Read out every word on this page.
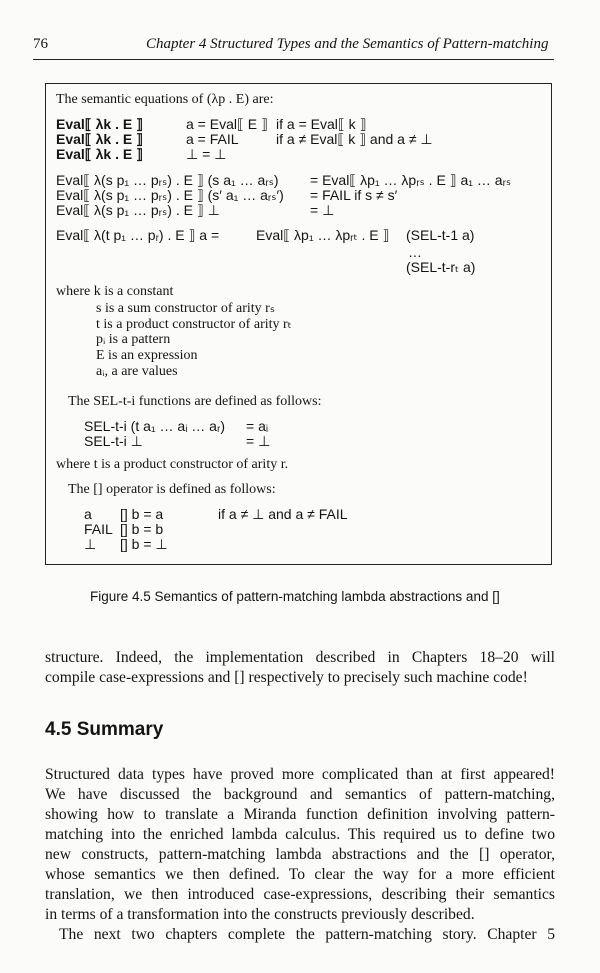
76	Chapter 4 Structured Types and the Semantics of Pattern-matching
The semantic equations of (λp . E) are:
Eval⟦ λk . E ⟧	a = Eval⟦ E ⟧ if a = Eval⟦ k ⟧
Eval⟦ λk . E ⟧	a = FAIL	if a ≠ Eval⟦ k ⟧ and a ≠ ⊥
Eval⟦ λk . E ⟧	⊥ = ⊥
Eval⟦ λ(s p₁ … pᵣₛ) . E ⟧ (s a₁ … aᵣₛ) = Eval⟦ λp₁ … λpᵣₛ . E ⟧ a₁ … aᵣₛ
Eval⟦ λ(s p₁ … pᵣₛ) . E ⟧ (s′ a₁ … aᵣₛ′) = FAIL if s ≠ s′
Eval⟦ λ(s p₁ … pᵣₛ) . E ⟧ ⊥	= ⊥
Eval⟦ λ(t p₁ … pᵣ) . E ⟧ a =	Eval⟦ λp₁ … λpᵣₜ . E ⟧ (SEL-t-1 a)
…
(SEL-t-rₜ a)
where k is a constant
s is a sum constructor of arity rₛ
t is a product constructor of arity rₜ
pᵢ is a pattern
E is an expression
aᵢ, a are values
The SEL-t-i functions are defined as follows:
SEL-t-i (t a₁ … aᵢ … aᵣ) = aᵢ
SEL-t-i ⊥	= ⊥
where t is a product constructor of arity r.
The [] operator is defined as follows:
a [] b = a	if a ≠ ⊥ and a ≠ FAIL
FAIL [] b = b
⊥ [] b = ⊥
Figure 4.5 Semantics of pattern-matching lambda abstractions and []
structure. Indeed, the implementation described in Chapters 18–20 will
compile case-expressions and [] respectively to precisely such machine code!
4.5 Summary
Structured data types have proved more complicated than at first appeared!
We have discussed the background and semantics of pattern-matching,
showing how to translate a Miranda function definition involving pattern-
matching into the enriched lambda calculus. This required us to define two
new constructs, pattern-matching lambda abstractions and the [] operator,
whose semantics we then defined. To clear the way for a more efficient
translation, we then introduced case-expressions, describing their semantics
in terms of a transformation into the constructs previously described.
The next two chapters complete the pattern-matching story. Chapter 5
